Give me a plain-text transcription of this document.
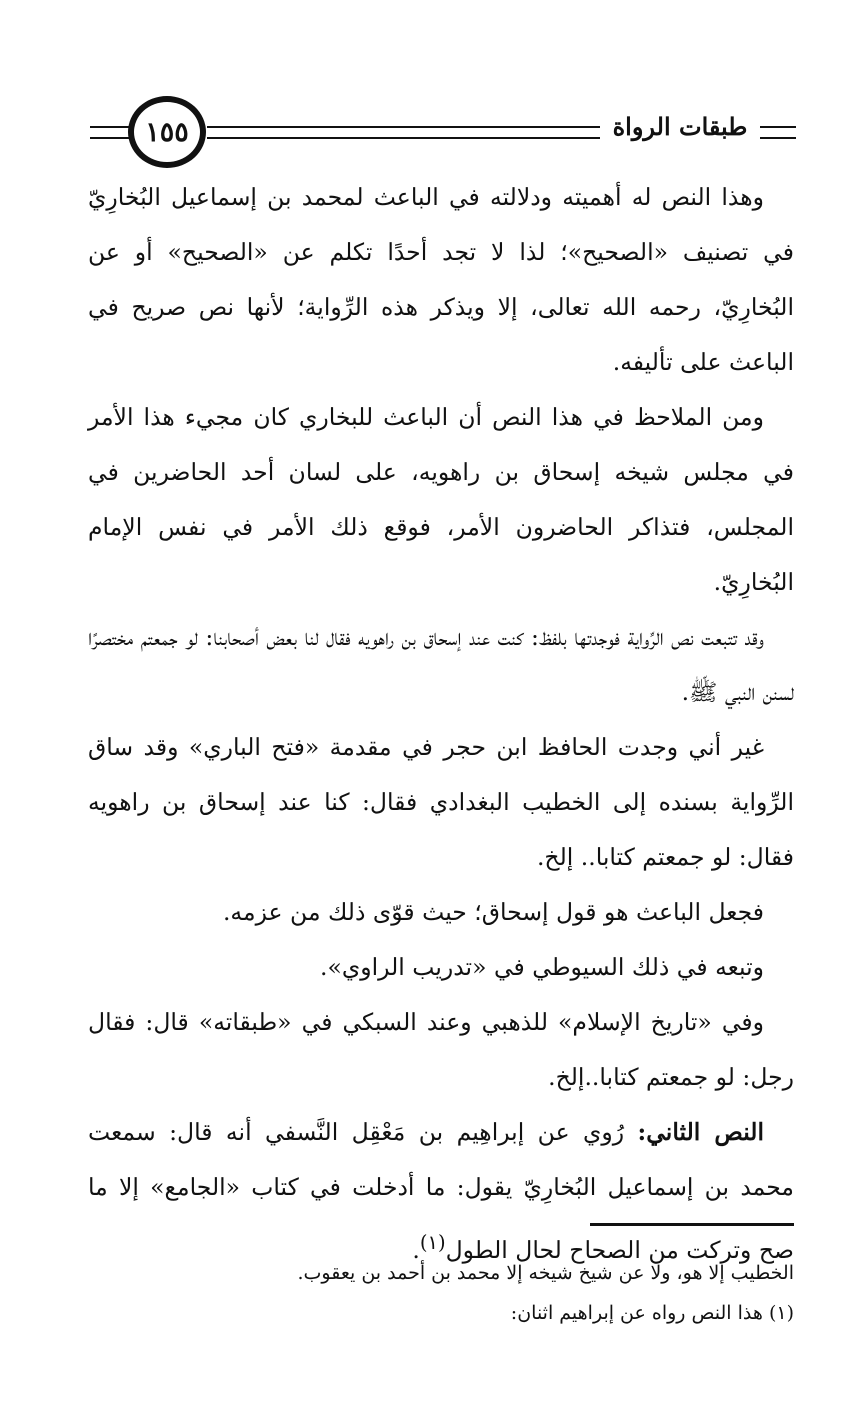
طبقات الرواة
١٥٥

وهذا النص له أهميته ودلالته في الباعث لمحمد بن إسماعيل البُخارِيّ في تصنيف «الصحيح»؛ لذا لا تجد أحدًا تكلم عن «الصحيح» أو عن البُخارِيّ، رحمه الله تعالى، إلا ويذكر هذه الرِّواية؛ لأنها نص صريح في الباعث على تأليفه.

ومن الملاحظ في هذا النص أن الباعث للبخاري كان مجيء هذا الأمر في مجلس شيخه إسحاق بن راهويه، على لسان أحد الحاضرين في المجلس، فتذاكر الحاضرون الأمر، فوقع ذلك الأمر في نفس الإمام البُخارِيّ.

وقد تتبعت نص الرِّواية فوجدتها بلفظ: كنت عند إسحاق بن راهويه فقال لنا بعض أصحابنا: لو جمعتم مختصرًا لسنن النبي ﷺ.

غير أني وجدت الحافظ ابن حجر في مقدمة «فتح الباري» وقد ساق الرِّواية بسنده إلى الخطيب البغدادي فقال: كنا عند إسحاق بن راهويه فقال: لو جمعتم كتابا.. إلخ.

فجعل الباعث هو قول إسحاق؛ حيث قوّى ذلك من عزمه.

وتبعه في ذلك السيوطي في «تدريب الراوي».

وفي «تاريخ الإسلام» للذهبي وعند السبكي في «طبقاته» قال: فقال رجل: لو جمعتم كتابا..إلخ.

النص الثاني: رُوي عن إبراهِيم بن مَعْقِل النَّسفي أنه قال: سمعت محمد بن إسماعيل البُخارِيّ يقول: ما أدخلت في كتاب «الجامع» إلا ما صح وتركت من الصحاح لحال الطول$^{(١)}$.

الخطيب إلا هو، ولا عن شيخ شيخه إلا محمد بن أحمد بن يعقوب.

(١) هذا النص رواه عن إبراهيم اثنان:
